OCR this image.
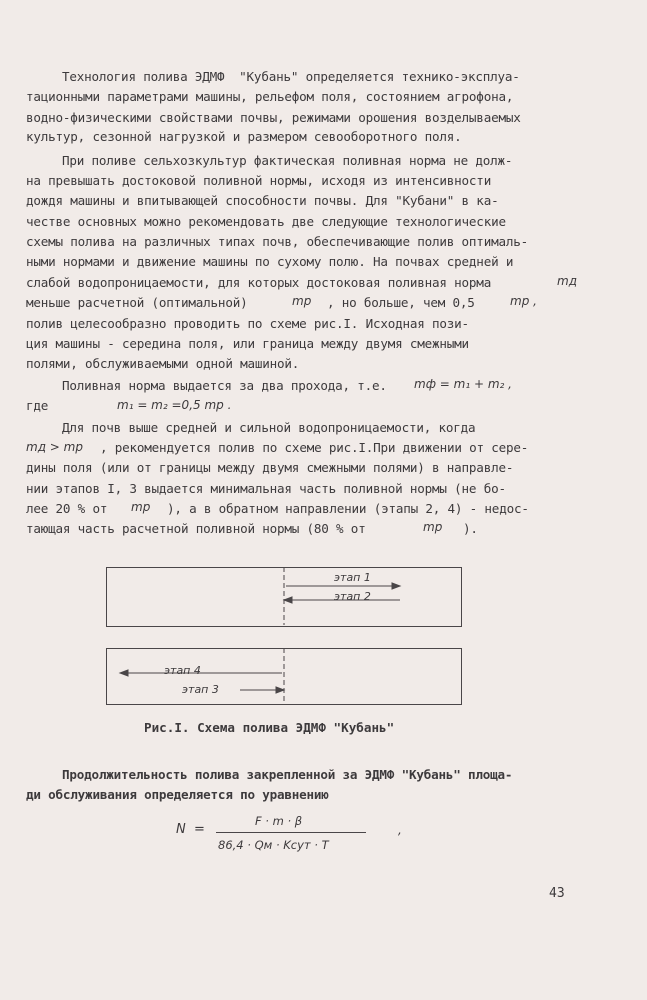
Технология полива ЭДМФ  "Кубань" определяется технико-эксплуа-
тационными параметрами машины, рельефом поля, состоянием агрофона,
водно-физическими свойствами почвы, режимами орошения возделываемых
культур, сезонной нагрузкой и размером севооборотного поля.
При поливе сельхозкультур фактическая поливная норма не долж-
на превышать достоковой поливной нормы, исходя из интенсивности
дождя машины и впитывающей способности почвы. Для "Кубани" в ка-
честве основных можно рекомендовать две следующие технологические
схемы полива на различных типах почв, обеспечивающие полив оптималь-
ными нормами и движение машины по сухому полю. На почвах средней и
слабой водопроницаемости, для которых достоковая поливная норма	mд
меньше расчетной (оптимальной)	mр , но больше, чем 0,5	mр ,
полив целесообразно проводить по схеме рис.I. Исходная пози-
ция машины - середина поля, или граница между двумя смежными
полями, обслуживаемыми одной машиной.
Поливная норма выдается за два прохода, т.е. mф = m₁ + m₂ ,
где	m₁ = m₂ =0,5 mр .
Для почв выше средней и сильной водопроницаемости, когда
mд > mр , рекомендуется полив по схеме рис.I.При движении от сере-
дины поля (или от границы между двумя смежными полями) в направле-
нии этапов I, 3 выдается минимальная часть поливной нормы (не бо-
лее 20 % от mр ), а в обратном направлении (этапы 2, 4) - недос-
тающая часть расчетной поливной нормы (80 % от	mр ).
этап 1
этап 2
этап 4
этап 3
Рис.I. Схема полива ЭДМФ "Кубань"
Продолжительность полива закрепленной за ЭДМФ "Кубань" площа-
ди обслуживания определяется по уравнению
N  =
F · m · β
86,4 · Qм · Kсут · T
,
43
